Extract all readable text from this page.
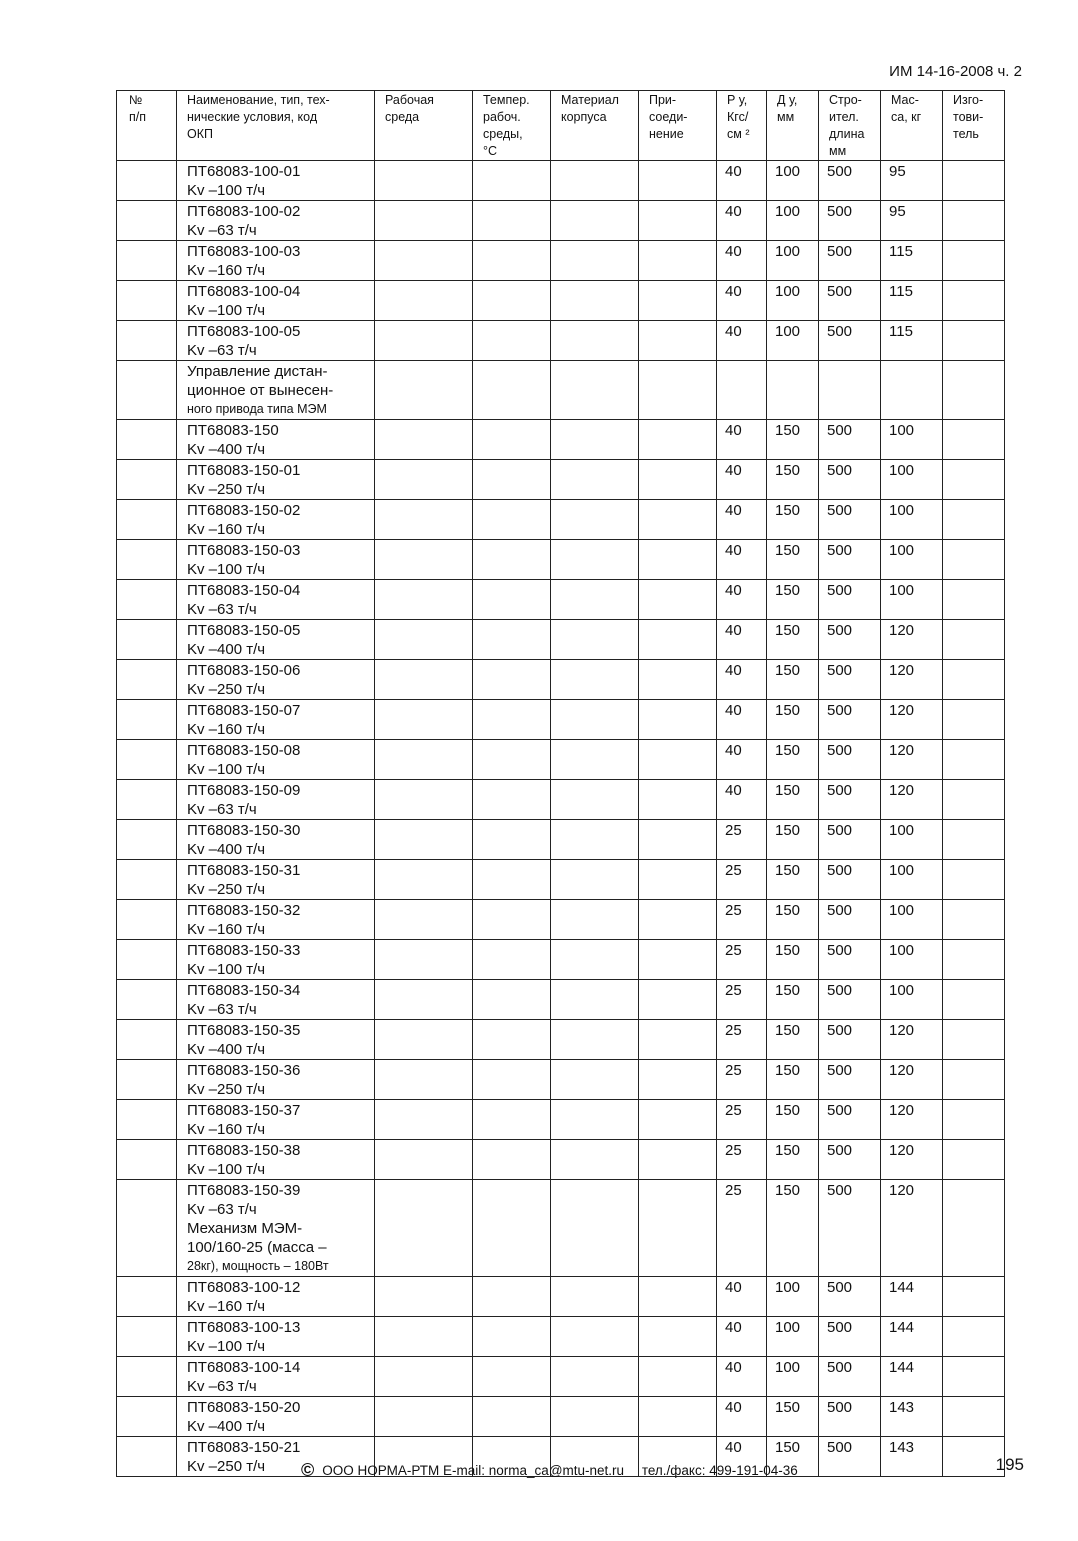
ИМ 14-16-2008 ч. 2
№
п/п	Наименование, тип, тех-
нические условия, код
ОКП	Рабочая
среда	Темпер.
рабоч.
среды,
°С	Материал
корпуса	При-
соеди-
нение	Р у,
Кгс/
см ²	Д у,
мм	Стро-
ител.
длина
мм	Мас-
са, кг	Изго-
тови-
тель

	ПТ68083-100-01
Kv –100 т/ч					40	100	500	95	

	ПТ68083-100-02
Kv –63 т/ч					40	100	500	95	

	ПТ68083-100-03
Kv –160 т/ч					40	100	500	115	

	ПТ68083-100-04
Kv –100 т/ч					40	100	500	115	

	ПТ68083-100-05
Kv –63 т/ч					40	100	500	115	

	Управление дистан-
ционное от вынесен-
ного привода типа МЭМ									

	ПТ68083-150
Kv –400 т/ч					40	150	500	100	

	ПТ68083-150-01
Kv –250 т/ч					40	150	500	100	

	ПТ68083-150-02
Kv –160 т/ч					40	150	500	100	

	ПТ68083-150-03
Kv –100 т/ч					40	150	500	100	

	ПТ68083-150-04
Kv –63 т/ч					40	150	500	100	

	ПТ68083-150-05
Kv –400 т/ч					40	150	500	120	

	ПТ68083-150-06
Kv –250 т/ч					40	150	500	120	

	ПТ68083-150-07
Kv –160 т/ч					40	150	500	120	

	ПТ68083-150-08
Kv –100 т/ч					40	150	500	120	

	ПТ68083-150-09
Kv –63 т/ч					40	150	500	120	

	ПТ68083-150-30
Kv –400 т/ч					25	150	500	100	

	ПТ68083-150-31
Kv –250 т/ч					25	150	500	100	

	ПТ68083-150-32
Kv –160 т/ч					25	150	500	100	

	ПТ68083-150-33
Kv –100 т/ч					25	150	500	100	

	ПТ68083-150-34
Kv –63 т/ч					25	150	500	100	

	ПТ68083-150-35
Kv –400 т/ч					25	150	500	120	

	ПТ68083-150-36
Kv –250 т/ч					25	150	500	120	

	ПТ68083-150-37
Kv –160 т/ч					25	150	500	120	

	ПТ68083-150-38
Kv –100 т/ч					25	150	500	120	

	ПТ68083-150-39
Kv –63 т/ч
Механизм МЭМ-
100/160-25 (масса –
28кг), мощность – 180Вт					25	150	500	120	

	ПТ68083-100-12
Kv –160 т/ч					40	100	500	144	

	ПТ68083-100-13
Kv –100 т/ч					40	100	500	144	

	ПТ68083-100-14
Kv –63 т/ч					40	100	500	144	

	ПТ68083-150-20
Kv –400 т/ч					40	150	500	143	

	ПТ68083-150-21
Kv –250 т/ч					40	150	500	143	
© ООО НОРМА-РТМ E-mail: norma_ca@mtu-net.ru тел./факс: 499-191-04-36	195
